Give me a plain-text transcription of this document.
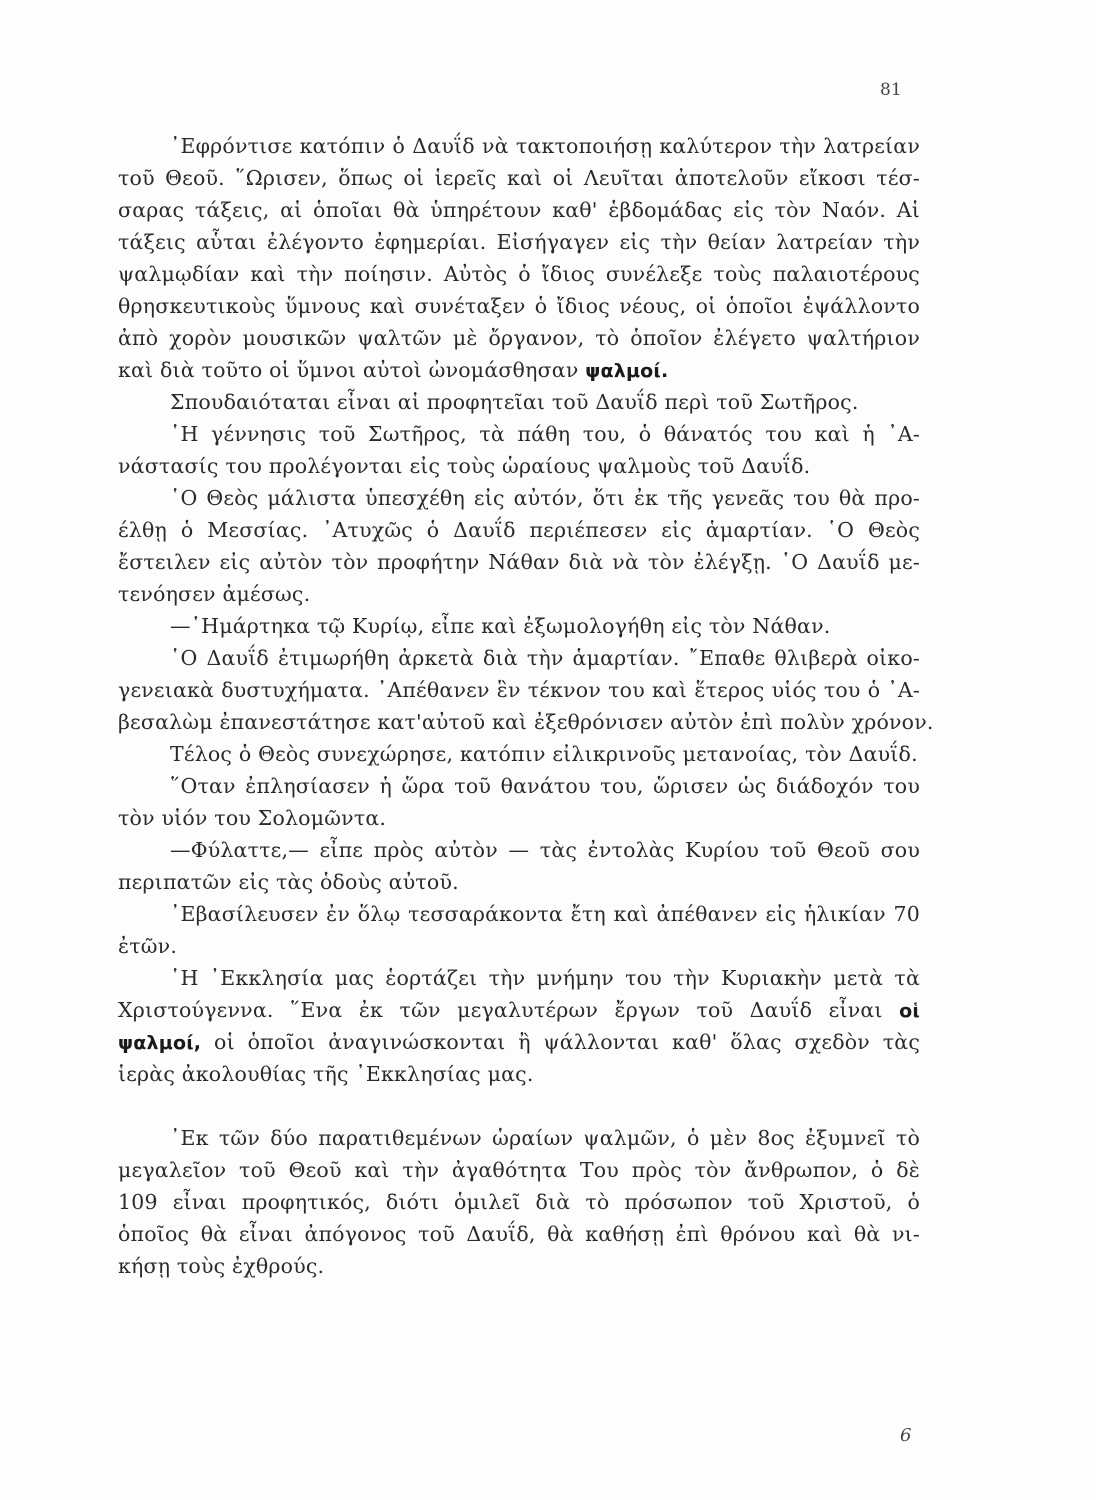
81
᾿Εφρόντισε κατόπιν ὁ Δαυΐδ νὰ τακτοποιήσῃ καλύτερον τὴν λατρείαν
τοῦ Θεοῦ. ῞Ωρισεν, ὅπως οἱ ἱερεῖς καὶ οἱ Λευῖται ἀποτελοῦν εἴκοσι τέσ-
σαρας τάξεις, αἱ ὁποῖαι θὰ ὑπηρέτουν καθ' ἑβδομάδας εἰς τὸν Ναόν. Αἱ
τάξεις αὗται ἐλέγοντο ἐφημερίαι. Εἰσήγαγεν εἰς τὴν θείαν λατρείαν τὴν
ψαλμῳδίαν καὶ τὴν ποίησιν. Αὐτὸς ὁ ἴδιος συνέλεξε τοὺς παλαιοτέρους
θρησκευτικοὺς ὕμνους καὶ συνέταξεν ὁ ἴδιος νέους, οἱ ὁποῖοι ἐψάλλοντο
ἀπὸ χορὸν μουσικῶν ψαλτῶν μὲ ὄργανον, τὸ ὁποῖον ἐλέγετο ψαλτήριον
καὶ διὰ τοῦτο οἱ ὕμνοι αὐτοὶ ὠνομάσθησαν ψαλμοί.
Σπουδαιόταται εἶναι αἱ προφητεῖαι τοῦ Δαυΐδ περὶ τοῦ Σωτῆρος.
῾Η γέννησις τοῦ Σωτῆρος, τὰ πάθη του, ὁ θάνατός του καὶ ἡ ᾿Α-
νάστασίς του προλέγονται εἰς τοὺς ὡραίους ψαλμοὺς τοῦ Δαυΐδ.
῾Ο Θεὸς μάλιστα ὑπεσχέθη εἰς αὐτόν, ὅτι ἐκ τῆς γενεᾶς του θὰ προ-
έλθῃ ὁ Μεσσίας. ᾿Ατυχῶς ὁ Δαυΐδ περιέπεσεν εἰς ἁμαρτίαν. ῾Ο Θεὸς
ἔστειλεν εἰς αὐτὸν τὸν προφήτην Νάθαν διὰ νὰ τὸν ἐλέγξῃ. ῾Ο Δαυΐδ με-
τενόησεν ἀμέσως.
—῾Ημάρτηκα τῷ Κυρίῳ, εἶπε καὶ ἐξωμολογήθη εἰς τὸν Νάθαν.
῾Ο Δαυΐδ ἐτιμωρήθη ἀρκετὰ διὰ τὴν ἁμαρτίαν. ῎Επαθε θλιβερὰ οἰκο-
γενειακὰ δυστυχήματα. ᾿Απέθανεν ἓν τέκνον του καὶ ἕτερος υἱός του ὁ ᾿Α-
βεσαλὼμ ἐπανεστάτησε κατ'αὐτοῦ καὶ ἐξεθρόνισεν αὐτὸν ἐπὶ πολὺν χρόνον.
Τέλος ὁ Θεὸς συνεχώρησε, κατόπιν εἰλικρινοῦς μετανοίας, τὸν Δαυΐδ.
῞Οταν ἐπλησίασεν ἡ ὥρα τοῦ θανάτου του, ὥρισεν ὡς διάδοχόν του
τὸν υἱόν του Σολομῶντα.
—Φύλαττε,— εἶπε πρὸς αὐτὸν — τὰς ἐντολὰς Κυρίου τοῦ Θεοῦ σου
περιπατῶν εἰς τὰς ὁδοὺς αὐτοῦ.
᾿Εβασίλευσεν ἐν ὅλῳ τεσσαράκοντα ἔτη καὶ ἀπέθανεν εἰς ἡλικίαν 70
ἐτῶν.
῾Η ᾿Εκκλησία μας ἑορτάζει τὴν μνήμην του τὴν Κυριακὴν μετὰ τὰ
Χριστούγεννα. ῞Ενα ἐκ τῶν μεγαλυτέρων ἔργων τοῦ Δαυΐδ εἶναι οἱ
ψαλμοί, οἱ ὁποῖοι ἀναγινώσκονται ἢ ψάλλονται καθ' ὅλας σχεδὸν τὰς
ἱερὰς ἀκολουθίας τῆς ᾿Εκκλησίας μας.
᾿Εκ τῶν δύο παρατιθεμένων ὡραίων ψαλμῶν, ὁ μὲν 8ος ἐξυμνεῖ τὸ
μεγαλεῖον τοῦ Θεοῦ καὶ τὴν ἀγαθότητα Του πρὸς τὸν ἄνθρωπον, ὁ δὲ
109 εἶναι προφητικός, διότι ὁμιλεῖ διὰ τὸ πρόσωπον τοῦ Χριστοῦ, ὁ
ὁποῖος θὰ εἶναι ἀπόγονος τοῦ Δαυΐδ, θὰ καθήσῃ ἐπὶ θρόνου καὶ θὰ νι-
κήσῃ τοὺς ἐχθρούς.
6
